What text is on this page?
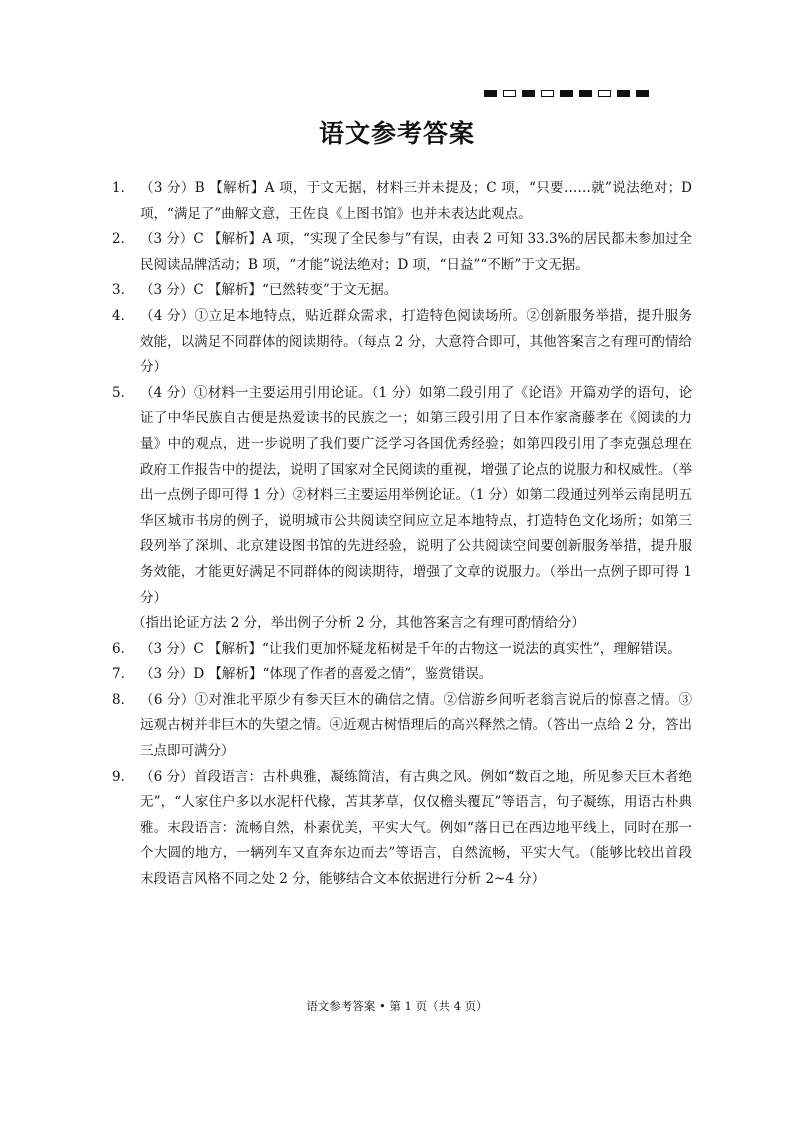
语文参考答案
1． （3 分）B 【解析】A 项，于文无据，材料三并未提及；C 项，“只要……就”说法绝对；D 项，“满足了”曲解文意，王佐良《上图书馆》也并未表达此观点。
2． （3 分）C 【解析】A 项，“实现了全民参与”有误，由表 2 可知 33.3%的居民都未参加过全民阅读品牌活动；B 项，“才能”说法绝对；D 项，“日益”“不断”于文无据。
3． （3 分）C 【解析】“已然转变”于文无据。
4． （4 分）①立足本地特点，贴近群众需求，打造特色阅读场所。②创新服务举措，提升服务效能，以满足不同群体的阅读期待。（每点 2 分，大意符合即可，其他答案言之有理可酌情给分）
5． （4 分）①材料一主要运用引用论证。（1 分）如第二段引用了《论语》开篇劝学的语句，论证了中华民族自古便是热爱读书的民族之一；如第三段引用了日本作家斋藤孝在《阅读的力量》中的观点，进一步说明了我们要广泛学习各国优秀经验；如第四段引用了李克强总理在政府工作报告中的提法，说明了国家对全民阅读的重视，增强了论点的说服力和权威性。（举出一点例子即可得 1 分）②材料三主要运用举例论证。（1 分）如第二段通过列举云南昆明五华区城市书房的例子，说明城市公共阅读空间应立足本地特点，打造特色文化场所；如第三段列举了深圳、北京建设图书馆的先进经验，说明了公共阅读空间要创新服务举措，提升服务效能，才能更好满足不同群体的阅读期待，增强了文章的说服力。（举出一点例子即可得 1 分）
（指出论证方法 2 分，举出例子分析 2 分，其他答案言之有理可酌情给分）
6． （3 分）C 【解析】“让我们更加怀疑龙柘树是千年的古物这一说法的真实性”，理解错误。
7． （3 分）D 【解析】“体现了作者的喜爱之情”，鉴赏错误。
8． （6 分）①对淮北平原少有参天巨木的确信之情。②信游乡间听老翁言说后的惊喜之情。③远观古树并非巨木的失望之情。④近观古树悟理后的高兴释然之情。（答出一点给 2 分，答出三点即可满分）
9． （6 分）首段语言：古朴典雅，凝练简洁，有古典之风。例如“数百之地，所见参天巨木者绝无”，“人家住户多以水泥杆代椽，苫其茅草，仅仅檐头覆瓦”等语言，句子凝练，用语古朴典雅。末段语言：流畅自然，朴素优美，平实大气。例如“落日已在西边地平线上，同时在那一个大圆的地方，一辆列车又直奔东边而去”等语言，自然流畅，平实大气。（能够比较出首段末段语言风格不同之处 2 分，能够结合文本依据进行分析 2~4 分）
语文参考答案 • 第 1 页（共 4 页）
